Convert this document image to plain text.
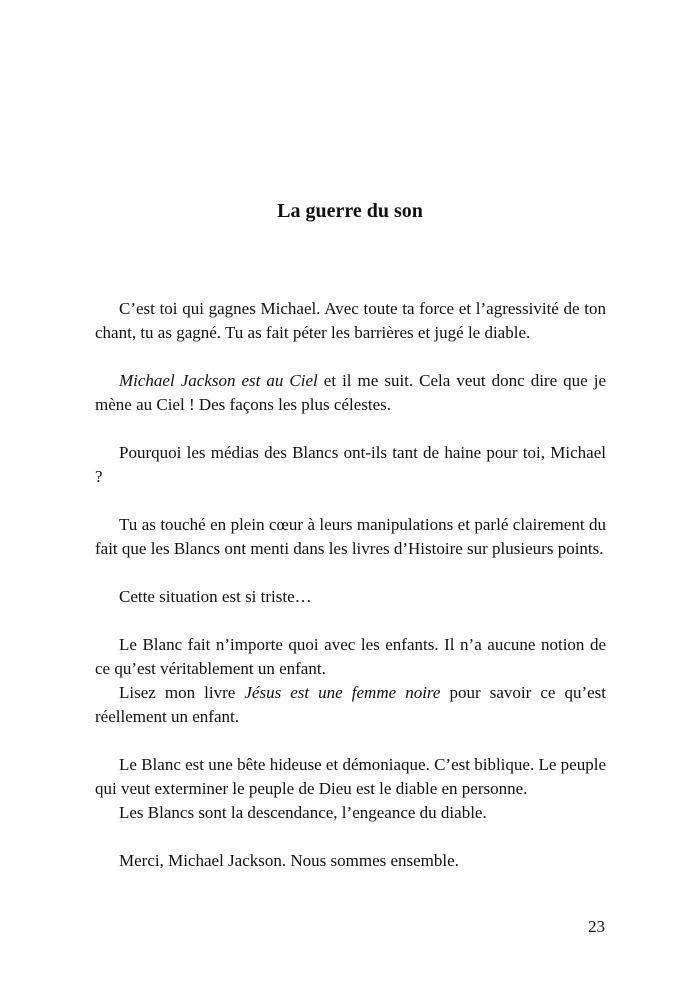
La guerre du son

C’est toi qui gagnes Michael. Avec toute ta force et l’agressivité de ton chant, tu as gagné. Tu as fait péter les barrières et jugé le diable.

Michael Jackson est au Ciel et il me suit. Cela veut donc dire que je mène au Ciel ! Des façons les plus célestes.

Pourquoi les médias des Blancs ont-ils tant de haine pour toi, Michael ?

Tu as touché en plein cœur à leurs manipulations et parlé clairement du fait que les Blancs ont menti dans les livres d’Histoire sur plusieurs points.

Cette situation est si triste…

Le Blanc fait n’importe quoi avec les enfants. Il n’a aucune notion de ce qu’est véritablement un enfant.

Lisez mon livre Jésus est une femme noire pour savoir ce qu’est réellement un enfant.

Le Blanc est une bête hideuse et démoniaque. C’est biblique. Le peuple qui veut exterminer le peuple de Dieu est le diable en personne.

Les Blancs sont la descendance, l’engeance du diable.

Merci, Michael Jackson. Nous sommes ensemble.

23
